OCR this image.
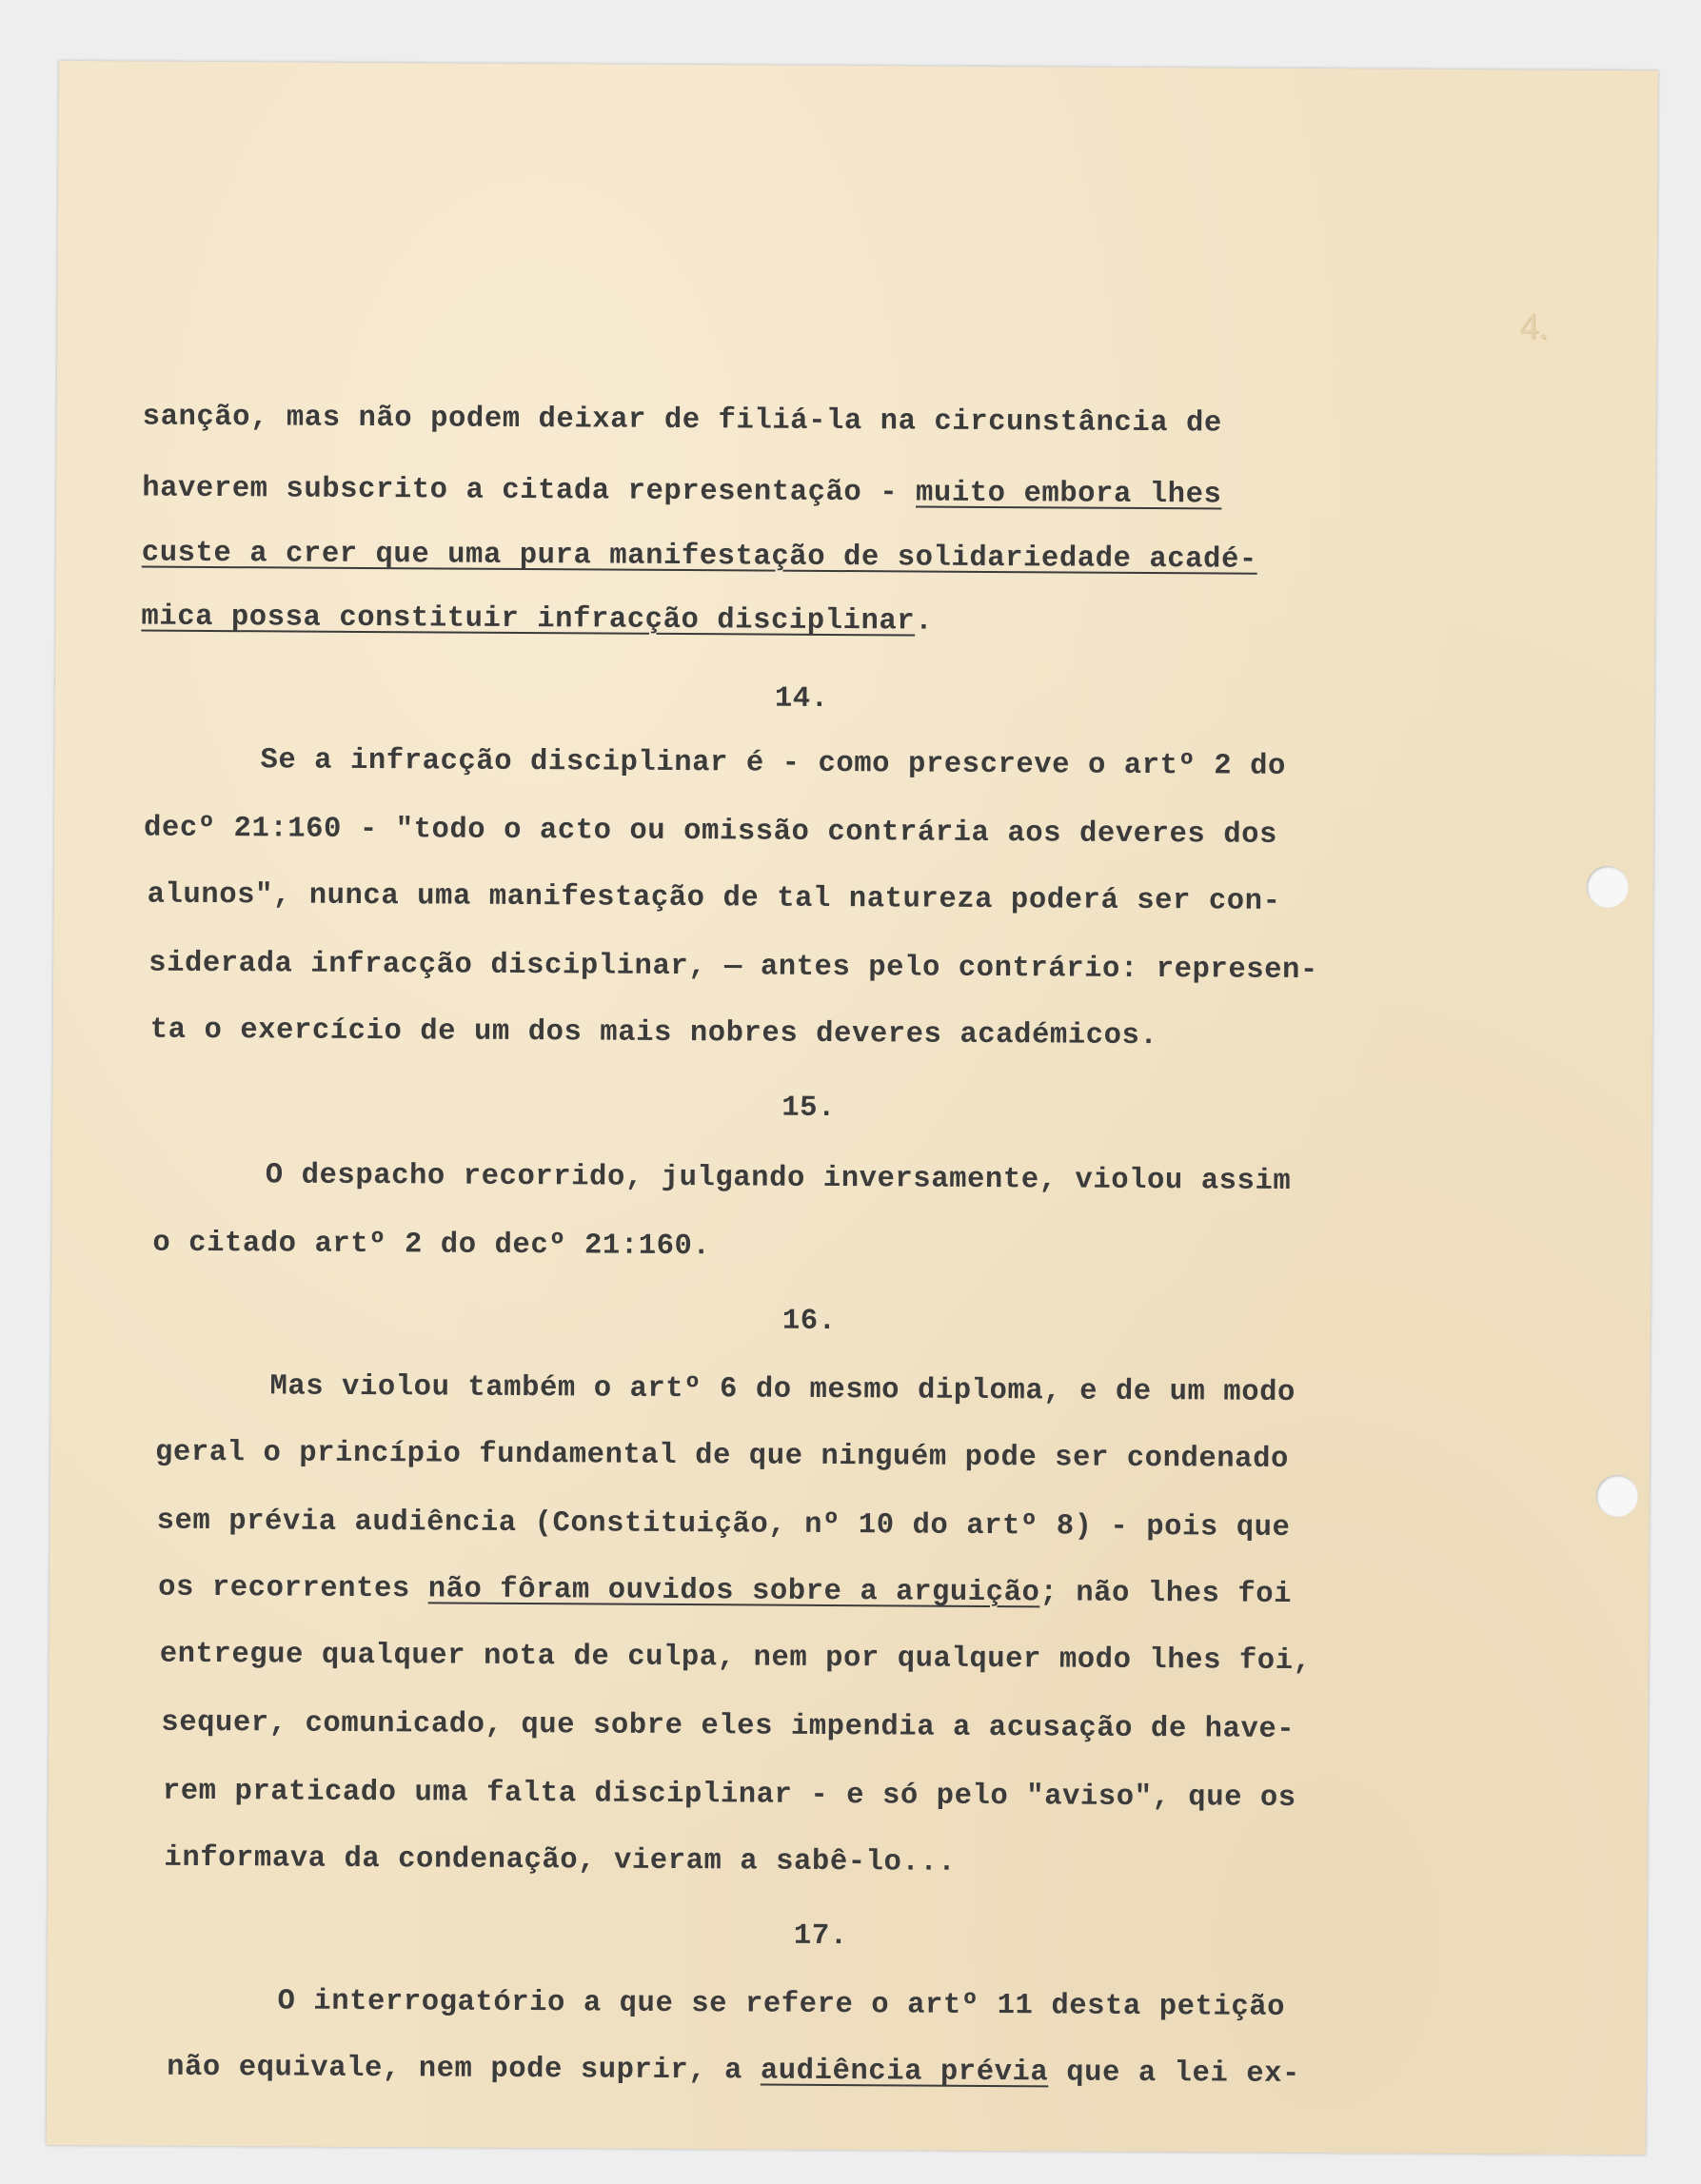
4.

sanção, mas não podem deixar de filiá-la na circunstância de

haverem subscrito a citada representação - muito embora lhes

custe a crer que uma pura manifestação de solidariedade acadé-

mica possa constituir infracção disciplinar.

14.

Se a infracção disciplinar é - como prescreve o artº 2 do

decº 21:160 - "todo o acto ou omissão contrária aos deveres dos

alunos", nunca uma manifestação de tal natureza poderá ser con-

siderada infracção disciplinar, — antes pelo contrário: represen-

ta o exercício de um dos mais nobres deveres académicos.

15.

O despacho recorrido, julgando inversamente, violou assim

o citado artº 2 do decº 21:160.

16.

Mas violou também o artº 6 do mesmo diploma, e de um modo

geral o princípio fundamental de que ninguém pode ser condenado

sem prévia audiência (Constituição, nº 10 do artº 8) - pois que

os recorrentes não fôram ouvidos sobre a arguição; não lhes foi

entregue qualquer nota de culpa, nem por qualquer modo lhes foi,

sequer, comunicado, que sobre eles impendia a acusação de have-

rem praticado uma falta disciplinar - e só pelo "aviso", que os

informava da condenação, vieram a sabê-lo...

17.

O interrogatório a que se refere o artº 11 desta petição

não equivale, nem pode suprir, a audiência prévia que a lei ex-
